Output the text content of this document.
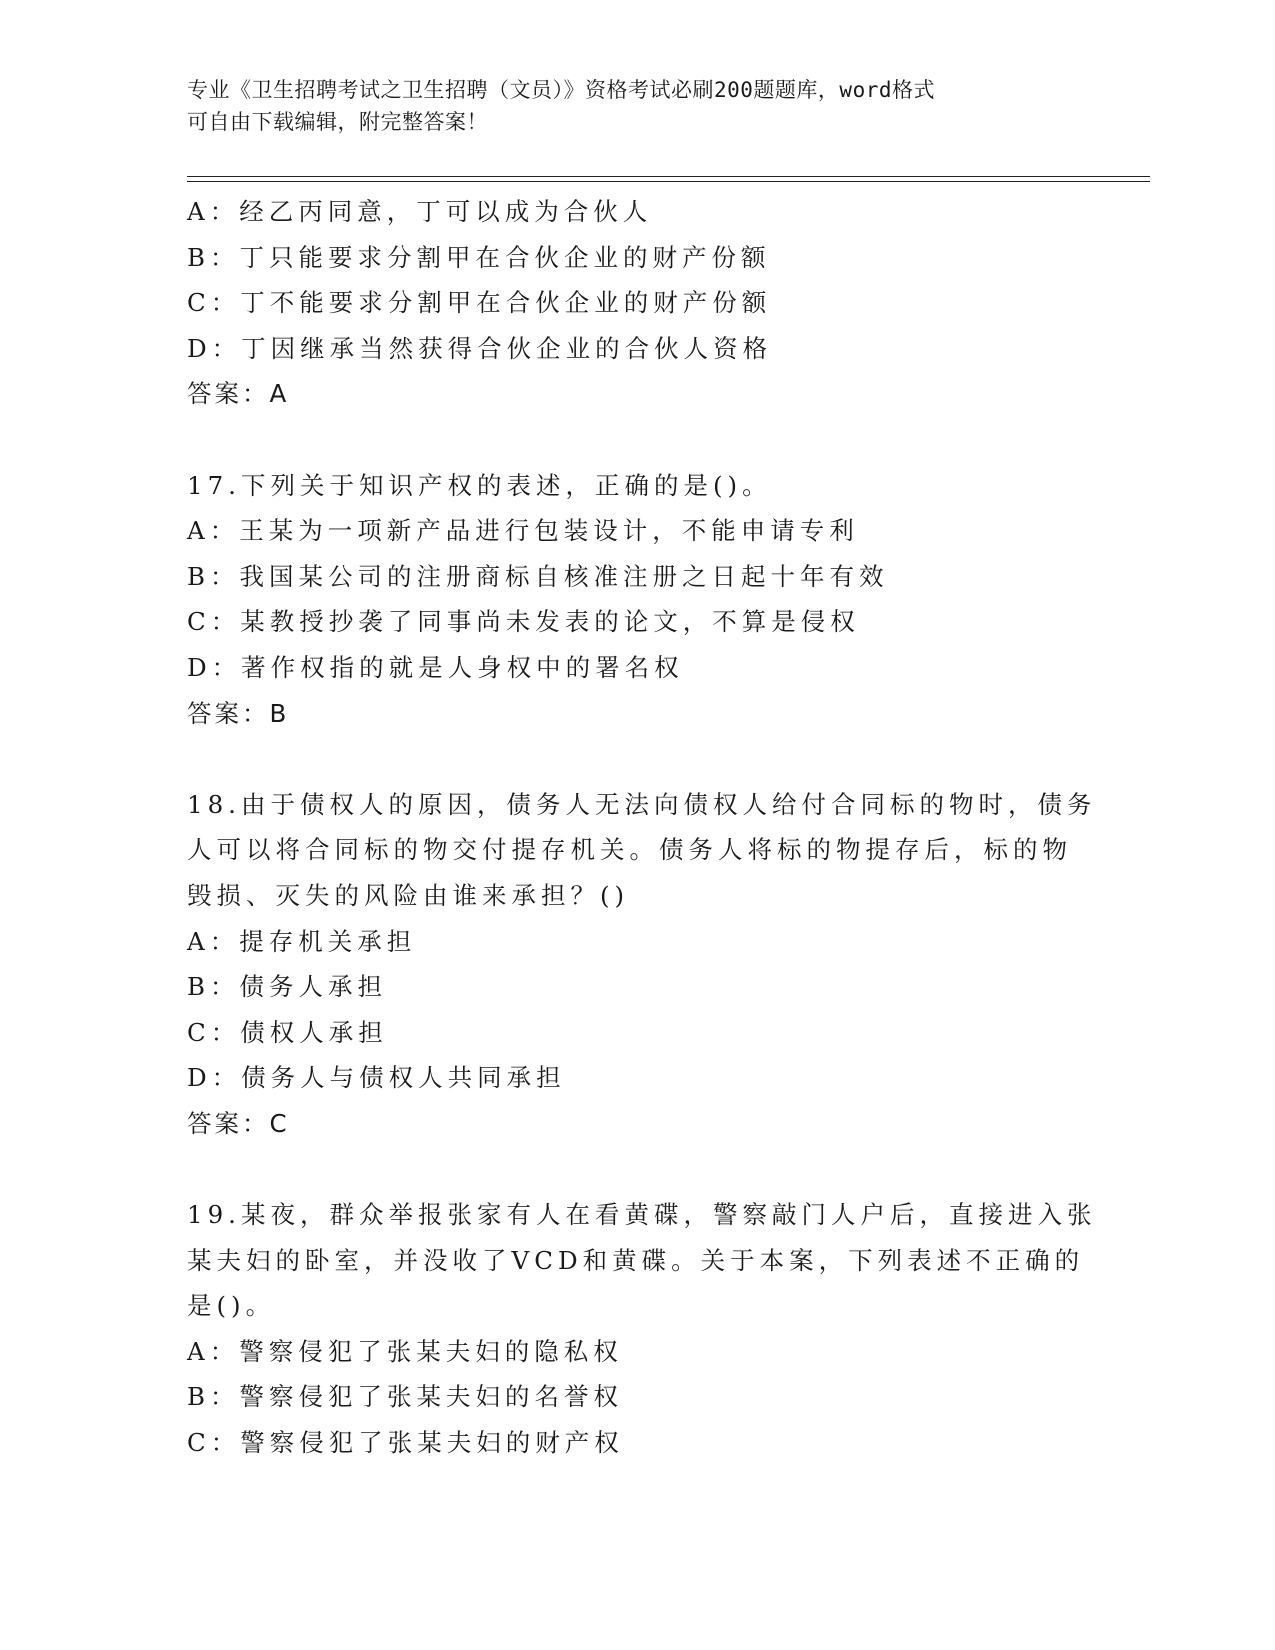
专业《卫生招聘考试之卫生招聘（文员）》资格考试必刷200题题库，word格式
可自由下载编辑，附完整答案！
A：经乙丙同意，丁可以成为合伙人
B：丁只能要求分割甲在合伙企业的财产份额
C：丁不能要求分割甲在合伙企业的财产份额
D：丁因继承当然获得合伙企业的合伙人资格
答案：A
17.下列关于知识产权的表述，正确的是()。
A：王某为一项新产品进行包装设计，不能申请专利
B：我国某公司的注册商标自核准注册之日起十年有效
C：某教授抄袭了同事尚未发表的论文，不算是侵权
D：著作权指的就是人身权中的署名权
答案：B
18.由于债权人的原因，债务人无法向债权人给付合同标的物时，债务
人可以将合同标的物交付提存机关。债务人将标的物提存后，标的物
毁损、灭失的风险由谁来承担？()
A：提存机关承担
B：债务人承担
C：债权人承担
D：债务人与债权人共同承担
答案：C
19.某夜，群众举报张家有人在看黄碟，警察敲门人户后，直接进入张
某夫妇的卧室，并没收了VCD和黄碟。关于本案，下列表述不正确的
是()。
A：警察侵犯了张某夫妇的隐私权
B：警察侵犯了张某夫妇的名誉权
C：警察侵犯了张某夫妇的财产权
